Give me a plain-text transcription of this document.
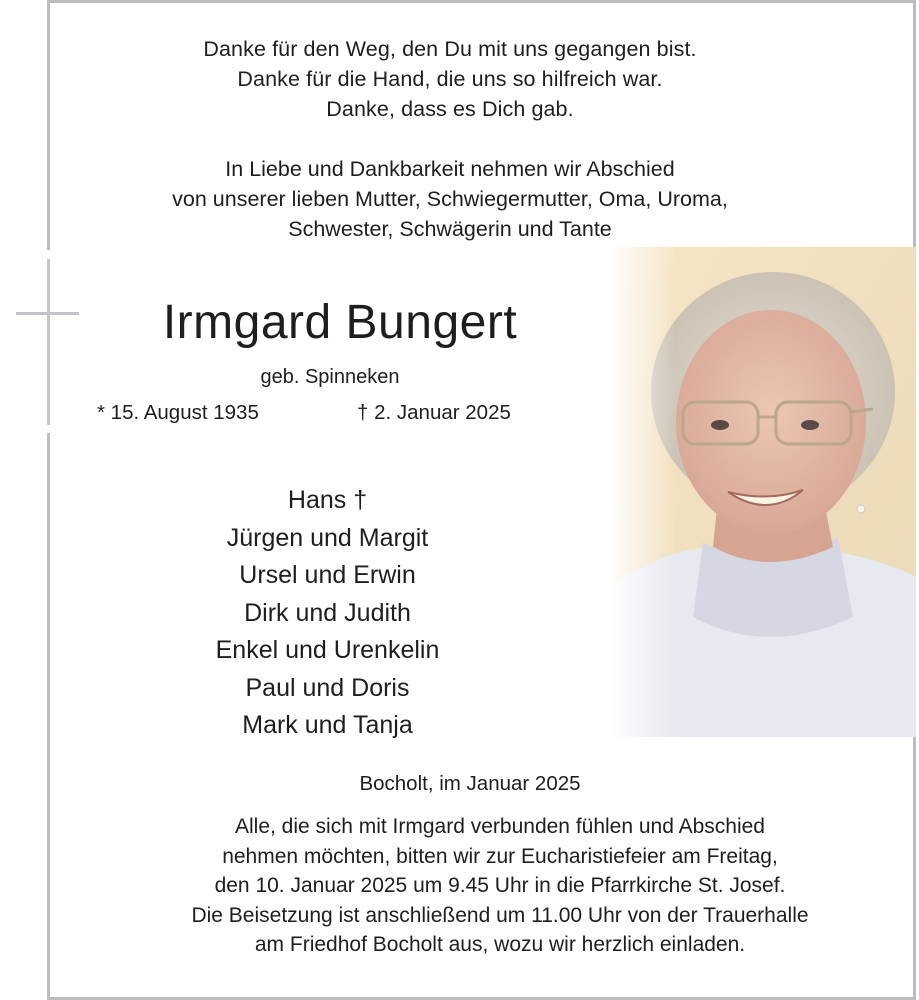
Danke für den Weg, den Du mit uns gegangen bist.

Danke für die Hand, die uns so hilfreich war.

Danke, dass es Dich gab.

In Liebe und Dankbarkeit nehmen wir Abschied

von unserer lieben Mutter, Schwiegermutter, Oma, Uroma,

Schwester, Schwägerin und Tante

Irmgard Bungert
geb. Spinneken
* 15. August 1935	† 2. Januar 2025

Hans †

Jürgen und Margit

Ursel und Erwin

Dirk und Judith

Enkel und Urenkelin

Paul und Doris

Mark und Tanja

Bocholt, im Januar 2025

Alle, die sich mit Irmgard verbunden fühlen und Abschied

nehmen möchten, bitten wir zur Eucharistiefeier am Freitag,

den 10. Januar 2025 um 9.45 Uhr in die Pfarrkirche St. Josef.

Die Beisetzung ist anschließend um 11.00 Uhr von der Trauerhalle

am Friedhof Bocholt aus, wozu wir herzlich einladen.
